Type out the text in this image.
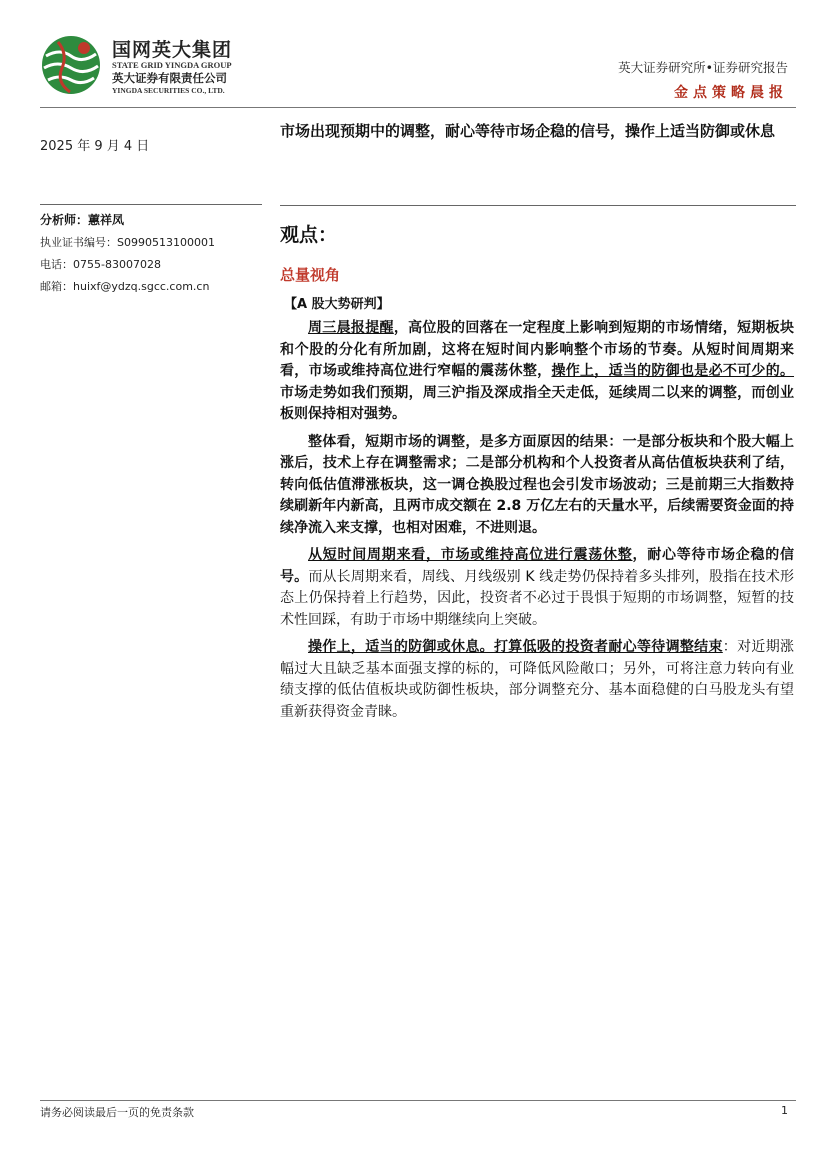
国网英大集团
STATE GRID YINGDA GROUP
英大证券有限责任公司
YINGDA SECURITIES CO., LTD.
英大证券研究所•证券研究报告
金点策略晨报
2025 年 9 月 4 日
分析师：蕙祥凤
执业证书编号：S0990513100001
电话：0755-83007028
邮箱：huixf@ydzq.sgcc.com.cn
市场出现预期中的调整，耐心等待市场企稳的信号，操作上适当防御或休息
观点：
总量视角
【A 股大势研判】

周三晨报提醒，高位股的回落在一定程度上影响到短期的市场情绪，短期板块和个股的分化有所加剧，这将在短时间内影响整个市场的节奏。从短时间周期来看，市场或维持高位进行窄幅的震荡休整，操作上，适当的防御也是必不可少的。市场走势如我们预期，周三沪指及深成指全天走低，延续周二以来的调整，而创业板则保持相对强势。

整体看，短期市场的调整，是多方面原因的结果：一是部分板块和个股大幅上涨后，技术上存在调整需求；二是部分机构和个人投资者从高估值板块获利了结，转向低估值滞涨板块，这一调仓换股过程也会引发市场波动；三是前期三大指数持续刷新年内新高，且两市成交额在 2.8 万亿左右的天量水平，后续需要资金面的持续净流入来支撑，也相对困难，不进则退。

从短时间周期来看，市场或维持高位进行震荡休整，耐心等待市场企稳的信号。而从长周期来看，周线、月线级别 K 线走势仍保持着多头排列，股指在技术形态上仍保持着上行趋势，因此，投资者不必过于畏惧于短期的市场调整，短暂的技术性回踩，有助于市场中期继续向上突破。

操作上，适当的防御或休息。打算低吸的投资者耐心等待调整结束：对近期涨幅过大且缺乏基本面强支撑的标的，可降低风险敞口；另外，可将注意力转向有业绩支撑的低估值板块或防御性板块，部分调整充分、基本面稳健的白马股龙头有望重新获得资金青睐。

请务必阅读最后一页的免责条款	1
